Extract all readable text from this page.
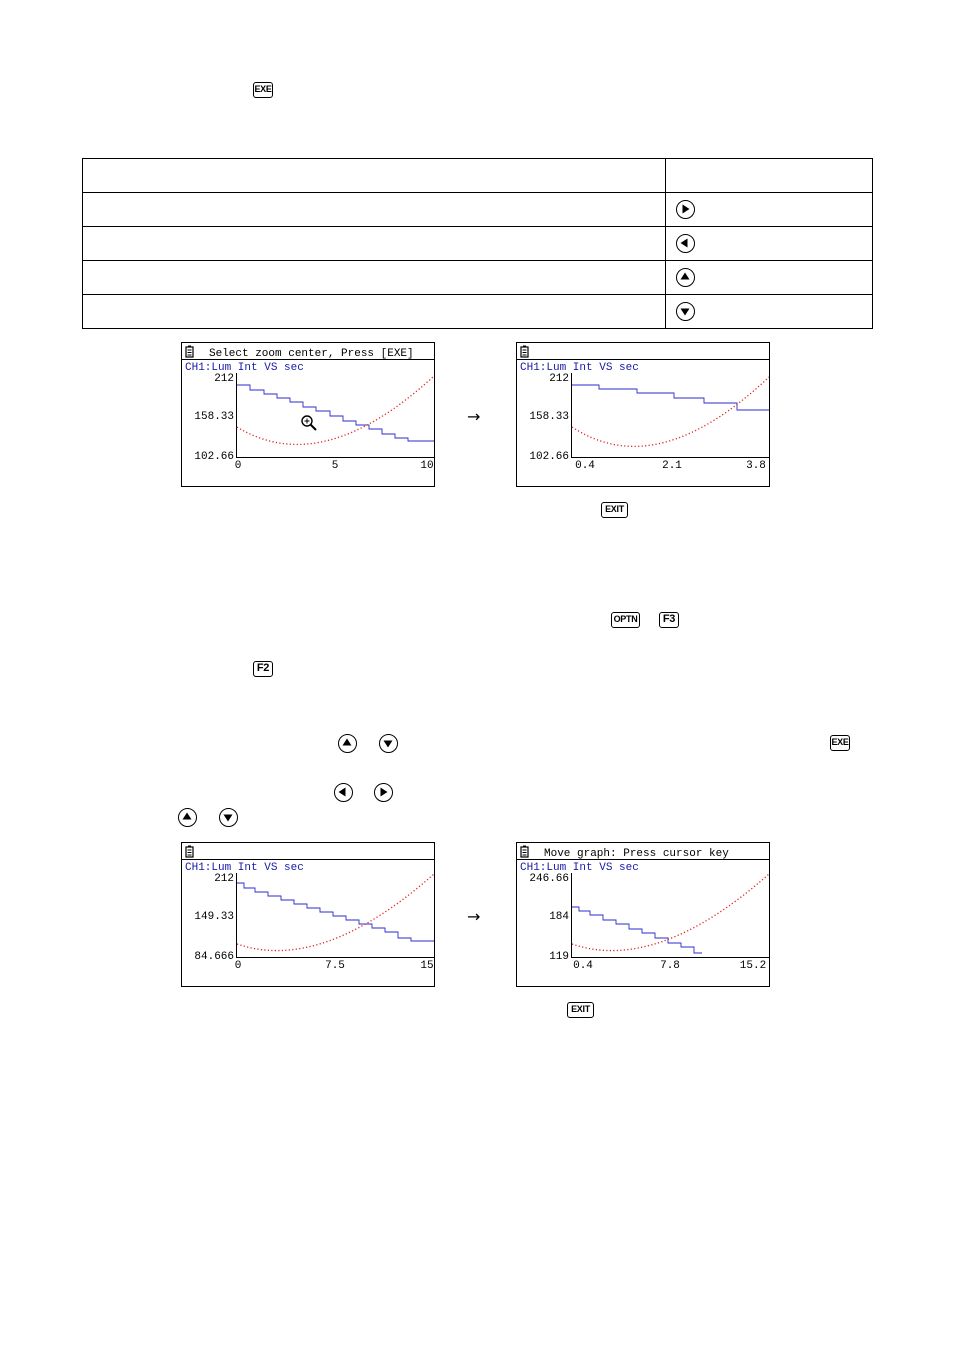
EXE

Select zoom center, Press [EXE]
CH1:Lum Int VS sec
212
158.33
102.66
0	5	10
→
CH1:Lum Int VS sec
212
158.33
102.66
0.4	2.1	3.8
EXIT
OPTN	F3
F2
EXE
CH1:Lum Int VS sec
212
149.33
84.666
0	7.5	15
→
Move graph: Press cursor key
CH1:Lum Int VS sec
246.66
184
119
0.4	7.8	15.2
EXIT
